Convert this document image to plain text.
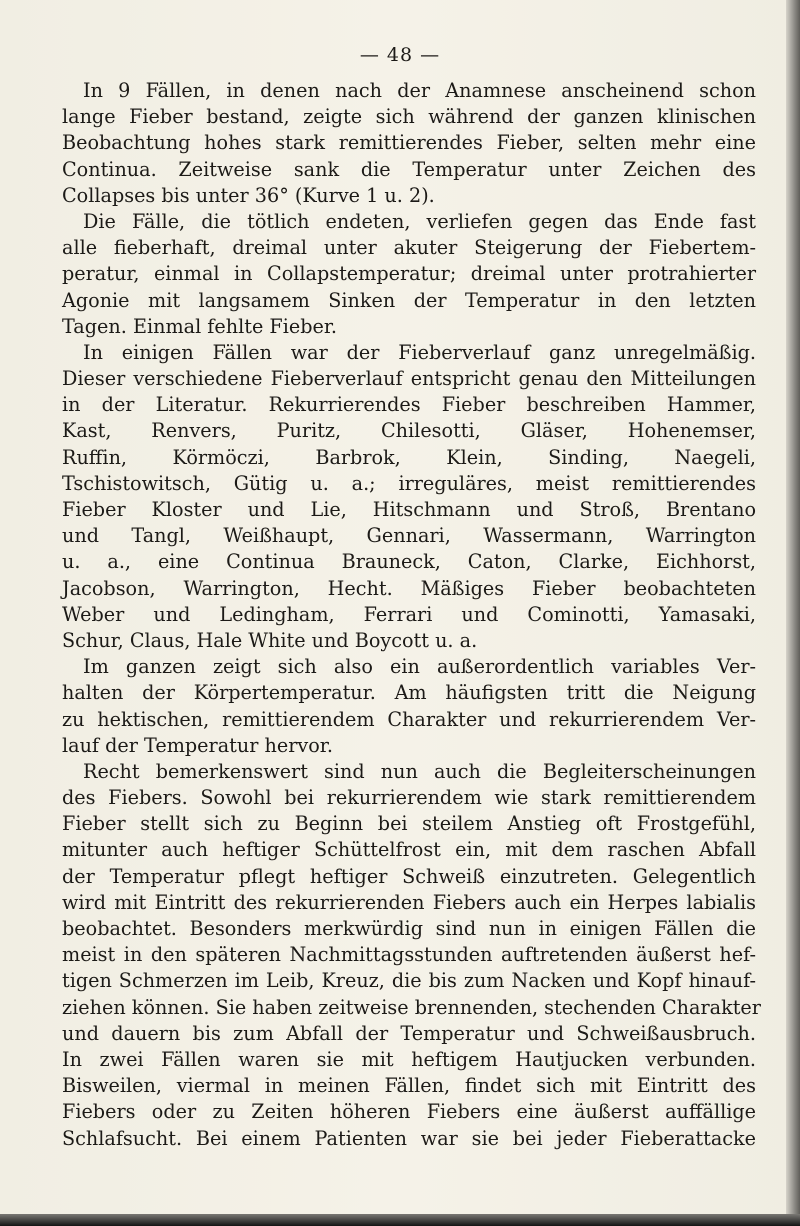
— 48 —
In 9 Fällen, in denen nach der Anamnese anscheinend schon
lange Fieber bestand, zeigte sich während der ganzen klinischen
Beobachtung hohes stark remittierendes Fieber, selten mehr eine
Continua. Zeitweise sank die Temperatur unter Zeichen des
Collapses bis unter 36° (Kurve 1 u. 2).
Die Fälle, die tötlich endeten, verliefen gegen das Ende fast
alle fieberhaft, dreimal unter akuter Steigerung der Fiebertem-
peratur, einmal in Collapstemperatur; dreimal unter protrahierter
Agonie mit langsamem Sinken der Temperatur in den letzten
Tagen. Einmal fehlte Fieber.
In einigen Fällen war der Fieberverlauf ganz unregelmäßig.
Dieser verschiedene Fieberverlauf entspricht genau den Mitteilungen
in der Literatur. Rekurrierendes Fieber beschreiben Hammer,
Kast, Renvers, Puritz, Chilesotti, Gläser, Hohenemser,
Ruffin, Körmöczi, Barbrok, Klein, Sinding, Naegeli,
Tschistowitsch, Gütig u. a.; irreguläres, meist remittierendes
Fieber Kloster und Lie, Hitschmann und Stroß, Brentano
und Tangl, Weißhaupt, Gennari, Wassermann, Warrington
u. a., eine Continua Brauneck, Caton, Clarke, Eichhorst,
Jacobson, Warrington, Hecht. Mäßiges Fieber beobachteten
Weber und Ledingham, Ferrari und Cominotti, Yamasaki,
Schur, Claus, Hale White und Boycott u. a.
Im ganzen zeigt sich also ein außerordentlich variables Ver-
halten der Körpertemperatur. Am häufigsten tritt die Neigung
zu hektischen, remittierendem Charakter und rekurrierendem Ver-
lauf der Temperatur hervor.
Recht bemerkenswert sind nun auch die Begleiterscheinungen
des Fiebers. Sowohl bei rekurrierendem wie stark remittierendem
Fieber stellt sich zu Beginn bei steilem Anstieg oft Frostgefühl,
mitunter auch heftiger Schüttelfrost ein, mit dem raschen Abfall
der Temperatur pflegt heftiger Schweiß einzutreten. Gelegentlich
wird mit Eintritt des rekurrierenden Fiebers auch ein Herpes labialis
beobachtet. Besonders merkwürdig sind nun in einigen Fällen die
meist in den späteren Nachmittagsstunden auftretenden äußerst hef-
tigen Schmerzen im Leib, Kreuz, die bis zum Nacken und Kopf hinauf-
ziehen können. Sie haben zeitweise brennenden, stechenden Charakter
und dauern bis zum Abfall der Temperatur und Schweißausbruch.
In zwei Fällen waren sie mit heftigem Hautjucken verbunden.
Bisweilen, viermal in meinen Fällen, findet sich mit Eintritt des
Fiebers oder zu Zeiten höheren Fiebers eine äußerst auffällige
Schlafsucht. Bei einem Patienten war sie bei jeder Fieberattacke
